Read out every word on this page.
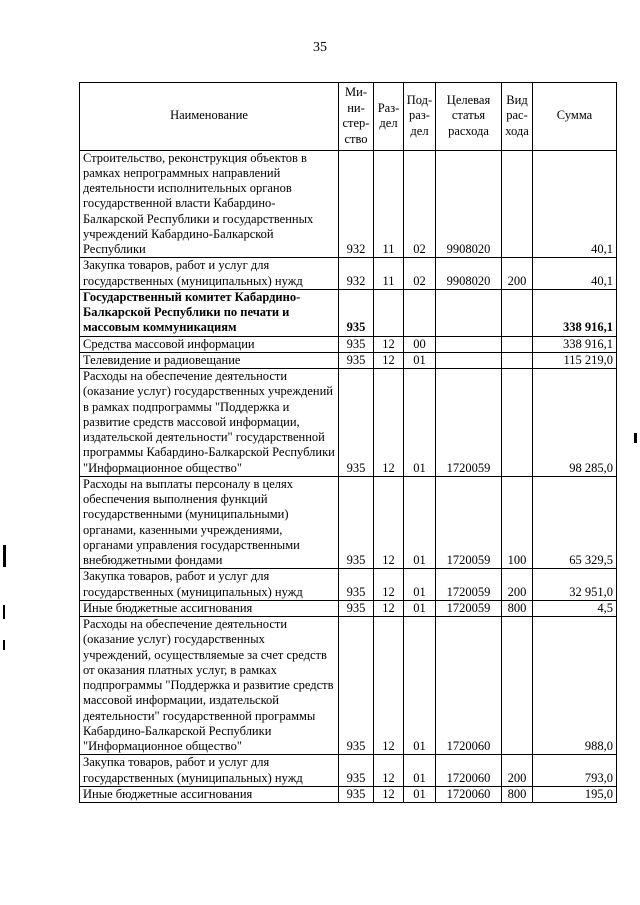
35
Наименование	Ми-ни-стер-ство	Раз-дел	Под-раз-дел	Целевая статья расхода	Вид рас-хода	Сумма
Строительство, реконструкция объектов в рамках непрограммных направлений деятельности исполнительных органов государственной власти Кабардино-Балкарской Республики и государственных учреждений Кабардино-Балкарской Республики	932	11	02	9908020		40,1
Закупка товаров, работ и услуг для государственных (муниципальных) нужд	932	11	02	9908020	200	40,1
Государственный комитет Кабардино-Балкарской Республики по печати и массовым коммуникациям	935					338 916,1
Средства массовой информации	935	12	00			338 916,1
Телевидение и радиовещание	935	12	01			115 219,0
Расходы на обеспечение деятельности (оказание услуг) государственных учреждений в рамках подпрограммы "Поддержка и развитие средств массовой информации, издательской деятельности" государственной программы Кабардино-Балкарской Республики "Информационное общество"	935	12	01	1720059		98 285,0
Расходы на выплаты персоналу в целях обеспечения выполнения функций государственными (муниципальными) органами, казенными учреждениями, органами управления государственными внебюджетными фондами	935	12	01	1720059	100	65 329,5
Закупка товаров, работ и услуг для государственных (муниципальных) нужд	935	12	01	1720059	200	32 951,0
Иные бюджетные ассигнования	935	12	01	1720059	800	4,5
Расходы на обеспечение деятельности (оказание услуг) государственных учреждений, осуществляемые за счет средств от оказания платных услуг, в рамках подпрограммы "Поддержка и развитие средств массовой информации, издательской деятельности" государственной программы Кабардино-Балкарской Республики "Информационное общество"	935	12	01	1720060		988,0
Закупка товаров, работ и услуг для государственных (муниципальных) нужд	935	12	01	1720060	200	793,0
Иные бюджетные ассигнования	935	12	01	1720060	800	195,0
